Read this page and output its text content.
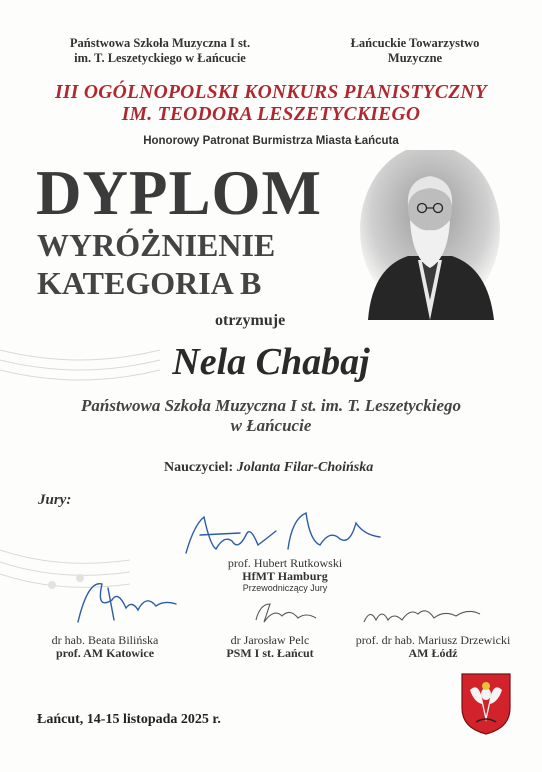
Państwowa Szkoła Muzyczna I st.
im. T. Leszetyckiego w Łańcucie
Łańcuckie Towarzystwo
Muzyczne
III OGÓLNOPOLSKI KONKURS PIANISTYCZNY
IM. TEODORA LESZETYCKIEGO
Honorowy Patronat Burmistrza Miasta Łańcuta
DYPLOM
WYRÓŻNIENIE
KATEGORIA B
otrzymuje
Nela Chabaj
Państwowa Szkoła Muzyczna I st. im. T. Leszetyckiego
w Łańcucie
Nauczyciel: Jolanta Filar-Choińska
Jury:
prof. Hubert Rutkowski
HfMT Hamburg
Przewodniczący Jury
dr hab. Beata Bilińska
prof. AM Katowice
dr Jarosław Pelc
PSM I st. Łańcut
prof. dr hab. Mariusz Drzewicki
AM Łódź
Łańcut, 14-15 listopada 2025 r.
